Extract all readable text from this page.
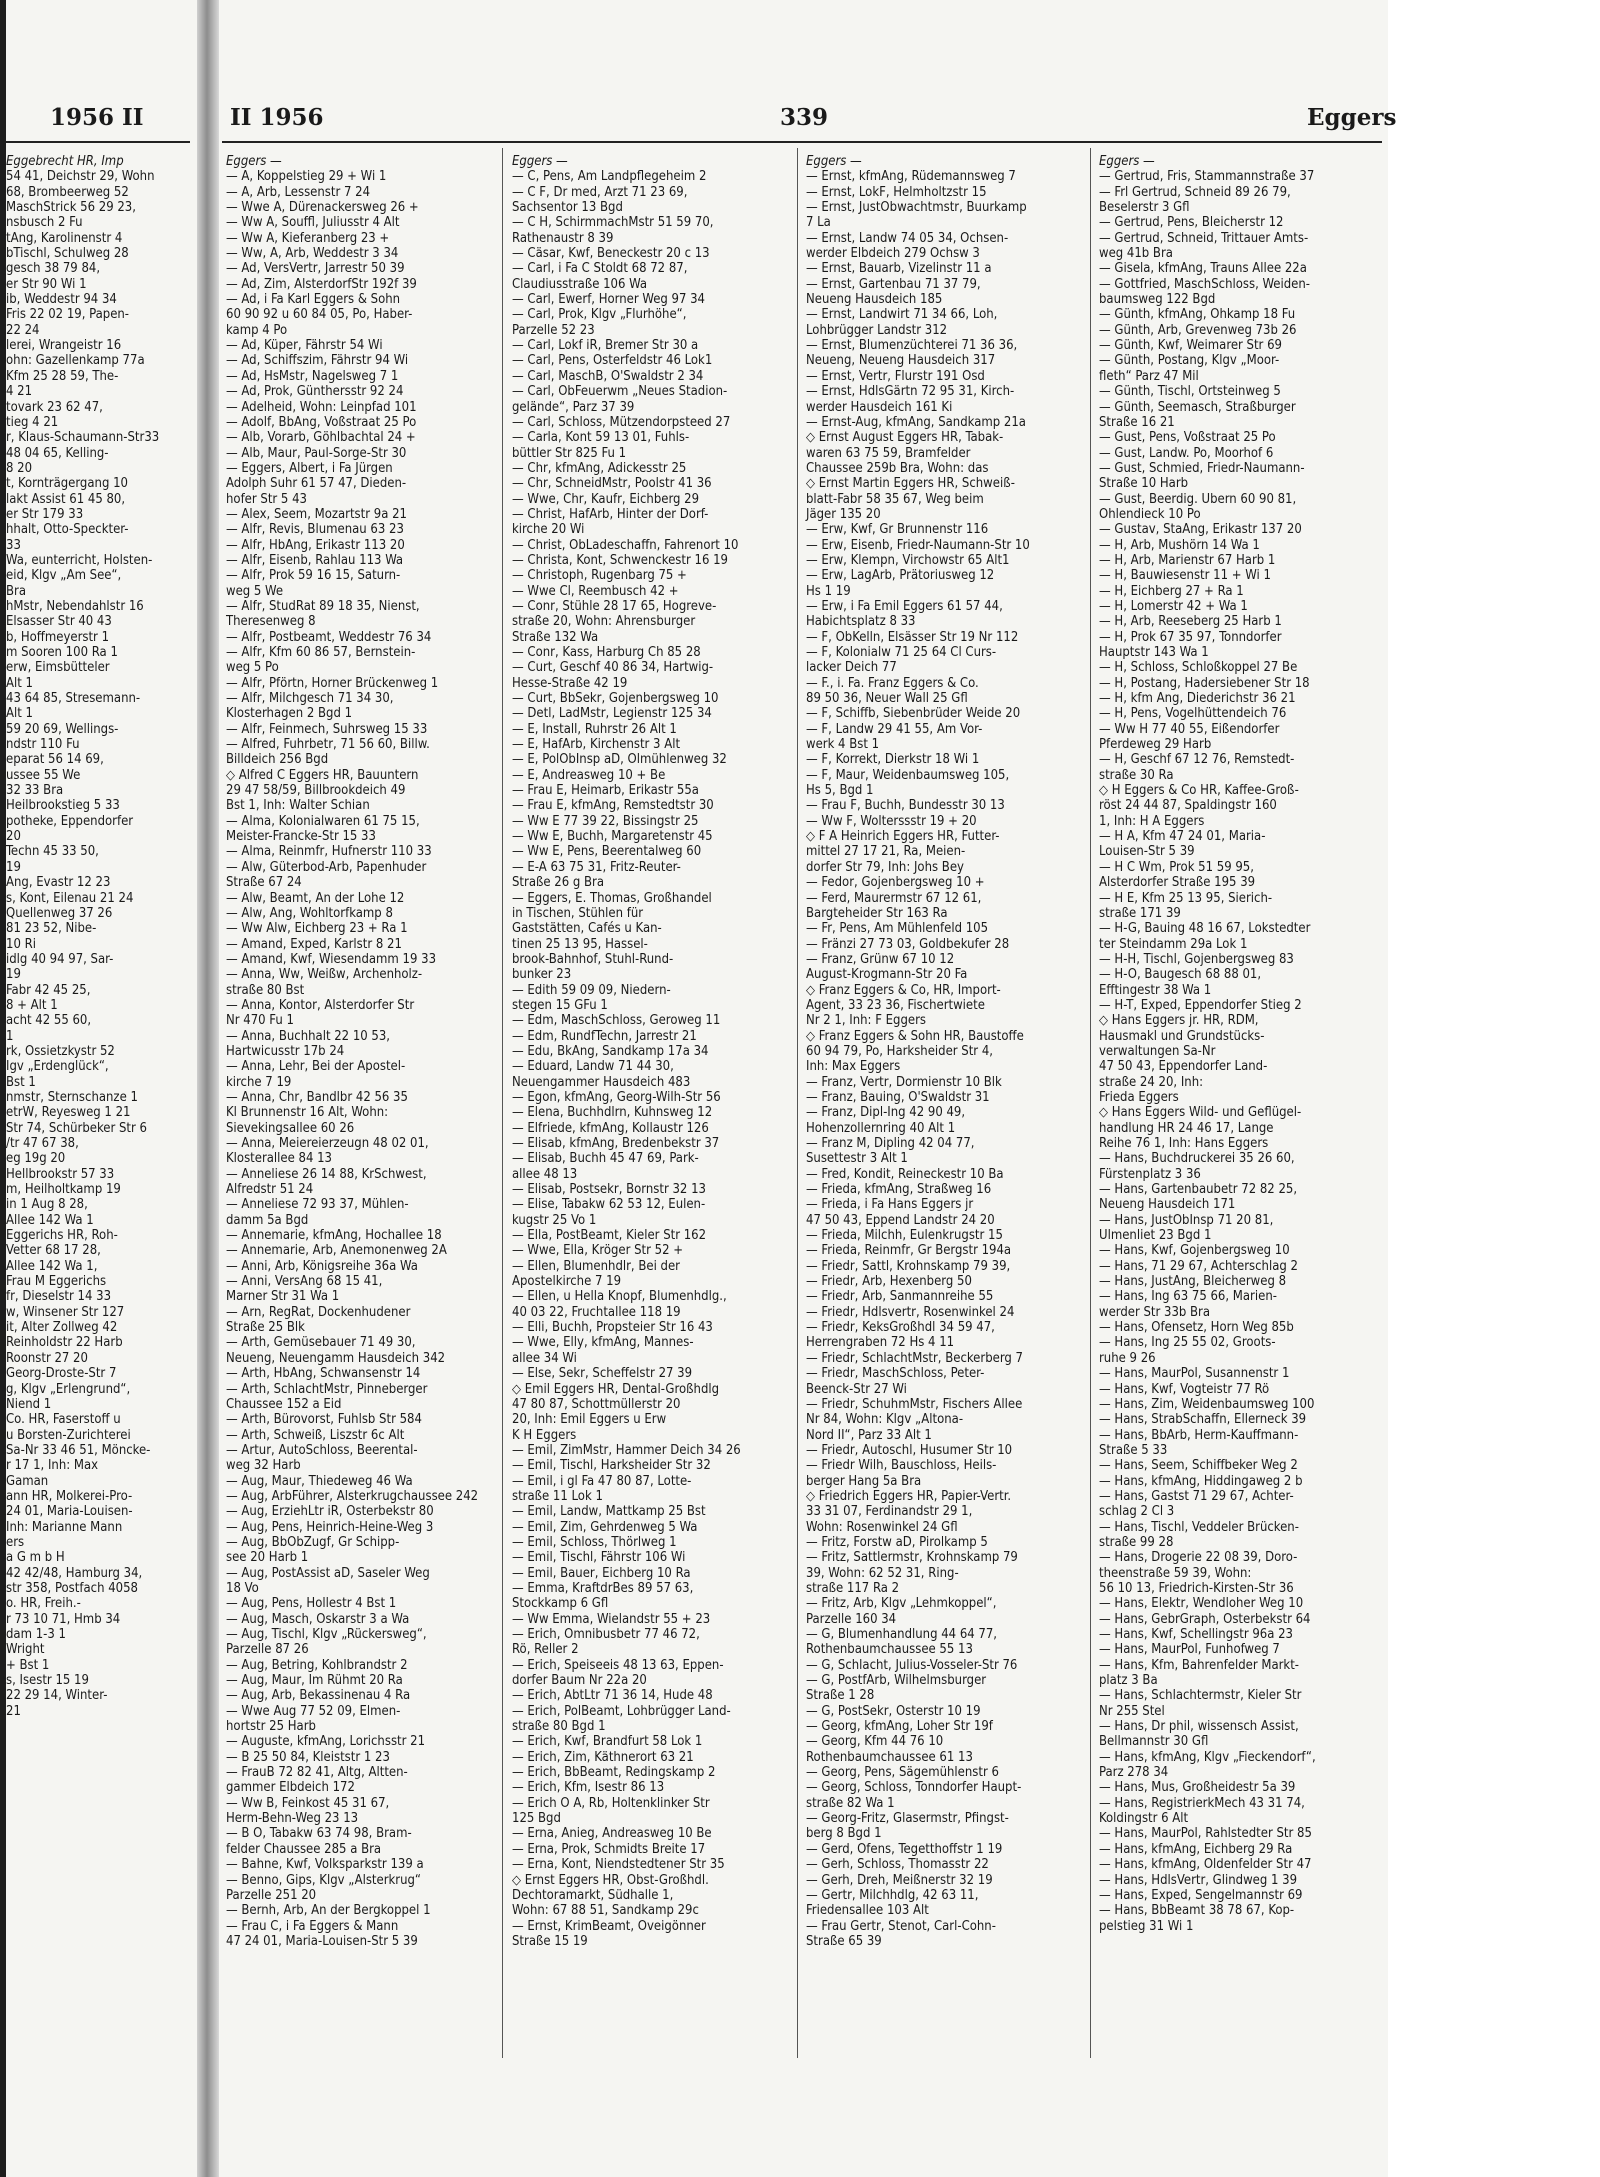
1956 II

Eggebrecht HR, Imp

54 41, Deichstr 29, Wohn

68, Brombeerweg 52

MaschStrick 56 29 23,

nsbusch 2 Fu

tAng, Karolinenstr 4

bTischl, Schulweg 28

gesch 38 79 84,

er Str 90 Wi 1

ib, Weddestr 94 34

Fris 22 02 19, Papen-

22 24

lerei, Wrangeistr 16

ohn: Gazellenkamp 77a

Kfm 25 28 59, The-

4 21

tovark 23 62 47,

tieg 4 21

r, Klaus-Schaumann-Str33

48 04 65, Kelling-

8 20

t, Kornträgergang 10

lakt Assist 61 45 80,

er Str 179 33

hhalt, Otto-Speckter-

33

Wa, eunterricht, Holsten-

eid, Klgv „Am See“,

Bra

hMstr, Nebendahlstr 16

Elsasser Str 40 43

b, Hoffmeyerstr 1

m Sooren 100 Ra 1

erw, Eimsbütteler

Alt 1

43 64 85, Stresemann-

Alt 1

59 20 69, Wellings-

ndstr 110 Fu

eparat 56 14 69,

ussee 55 We

32 33 Bra

Heilbrookstieg 5 33

potheke, Eppendorfer

20

Techn 45 33 50,

19

Ang, Evastr 12 23

s, Kont, Eilenau 21 24

Quellenweg 37 26

81 23 52, Nibe-

10 Ri

idlg 40 94 97, Sar-

19

Fabr 42 45 25,

8 + Alt 1

acht 42 55 60,

1

rk, Ossietzkystr 52

Igv „Erdenglück“,

Bst 1

nmstr, Sternschanze 1

etrW, Reyesweg 1 21

Str 74, Schürbeker Str 6

/tr 47 67 38,

eg 19g 20

Hellbrookstr 57 33

m, Heilholtkamp 19

in 1 Aug 8 28,

Allee 142 Wa 1

Eggerichs HR, Roh-

Vetter 68 17 28,

Allee 142 Wa 1,

Frau M Eggerichs

fr, Dieselstr 14 33

w, Winsener Str 127

it, Alter Zollweg 42

Reinholdstr 22 Harb

Roonstr 27 20

Georg-Droste-Str 7

g, Klgv „Erlengrund“,

Niend 1

Co. HR, Faserstoff u

u Borsten-Zurichterei

Sa-Nr 33 46 51, Möncke-

r 17 1, Inh: Max

Gaman

ann HR, Molkerei-Pro-

24 01, Maria-Louisen-

Inh: Marianne Mann

ers

a G m b H

42 42/48, Hamburg 34,

str 358, Postfach 4058

o. HR, Freih.-

r 73 10 71, Hmb 34

dam 1-3 1

Wright

+ Bst 1

s, Isestr 15 19

22 29 14, Winter-

21

II 1956	339	Eggers

Eggers —

— A, Koppelstieg 29 + Wi 1

— A, Arb, Lessenstr 7 24

— Wwe A, Dürenackersweg 26 +

— Ww A, Souffl, Juliusstr 4 Alt

— Ww A, Kieferanberg 23 +

— Ww, A, Arb, Weddestr 3 34

— Ad, VersVertr, Jarrestr 50 39

— Ad, Zim, AlsterdorfStr 192f 39

— Ad, i Fa Karl Eggers & Sohn

60 90 92 u 60 84 05, Po, Haber-

kamp 4 Po

— Ad, Küper, Fährstr 54 Wi

— Ad, Schiffszim, Fährstr 94 Wi

— Ad, HsMstr, Nagelsweg 7 1

— Ad, Prok, Günthersstr 92 24

— Adelheid, Wohn: Leinpfad 101

— Adolf, BbAng, Voßstraat 25 Po

— Alb, Vorarb, Göhlbachtal 24 +

— Alb, Maur, Paul-Sorge-Str 30

— Eggers, Albert, i Fa Jürgen

Adolph Suhr 61 57 47, Dieden-

hofer Str 5 43

— Alex, Seem, Mozartstr 9a 21

— Alfr, Revis, Blumenau 63 23

— Alfr, HbAng, Erikastr 113 20

— Alfr, Eisenb, Rahlau 113 Wa

— Alfr, Prok 59 16 15, Saturn-

weg 5 We

— Alfr, StudRat 89 18 35, Nienst,

Theresenweg 8

— Alfr, Postbeamt, Weddestr 76 34

— Alfr, Kfm 60 86 57, Bernstein-

weg 5 Po

— Alfr, Pförtn, Horner Brückenweg 1

— Alfr, Milchgesch 71 34 30,

Klosterhagen 2 Bgd 1

— Alfr, Feinmech, Suhrsweg 15 33

— Alfred, Fuhrbetr, 71 56 60, Billw.

Billdeich 256 Bgd

◇ Alfred C Eggers HR, Bauuntern

29 47 58/59, Billbrookdeich 49

Bst 1, Inh: Walter Schian

— Alma, Kolonialwaren 61 75 15,

Meister-Francke-Str 15 33

— Alma, Reinmfr, Hufnerstr 110 33

— Alw, Güterbod-Arb, Papenhuder

Straße 67 24

— Alw, Beamt, An der Lohe 12

— Alw, Ang, Wohltorfkamp 8

— Ww Alw, Eichberg 23 + Ra 1

— Amand, Exped, Karlstr 8 21

— Amand, Kwf, Wiesendamm 19 33

— Anna, Ww, Weißw, Archenholz-

straße 80 Bst

— Anna, Kontor, Alsterdorfer Str

Nr 470 Fu 1

— Anna, Buchhalt 22 10 53,

Hartwicusstr 17b 24

— Anna, Lehr, Bei der Apostel-

kirche 7 19

— Anna, Chr, Bandlbr 42 56 35

Kl Brunnenstr 16 Alt, Wohn:

Sievekingsallee 60 26

— Anna, Meiereierzeugn 48 02 01,

Klosterallee 84 13

— Anneliese 26 14 88, KrSchwest,

Alfredstr 51 24

— Anneliese 72 93 37, Mühlen-

damm 5a Bgd

— Annemarie, kfmAng, Hochallee 18

— Annemarie, Arb, Anemonenweg 2A

— Anni, Arb, Königsreihe 36a Wa

— Anni, VersAng 68 15 41,

Marner Str 31 Wa 1

— Arn, RegRat, Dockenhudener

Straße 25 Blk

— Arth, Gemüsebauer 71 49 30,

Neueng, Neuengamm Hausdeich 342

— Arth, HbAng, Schwansenstr 14

— Arth, SchlachtMstr, Pinneberger

Chaussee 152 a Eid

— Arth, Bürovorst, Fuhlsb Str 584

— Arth, Schweiß, Liszstr 6c Alt

— Artur, AutoSchloss, Beerental-

weg 32 Harb

— Aug, Maur, Thiedeweg 46 Wa

— Aug, ArbFührer, Alsterkrugchaussee 242

— Aug, ErziehLtr iR, Osterbekstr 80

— Aug, Pens, Heinrich-Heine-Weg 3

— Aug, BbObZugf, Gr Schipp-

see 20 Harb 1

— Aug, PostAssist aD, Saseler Weg

18 Vo

— Aug, Pens, Hollestr 4 Bst 1

— Aug, Masch, Oskarstr 3 a Wa

— Aug, Tischl, Klgv „Rückersweg“,

Parzelle 87 26

— Aug, Betring, Kohlbrandstr 2

— Aug, Maur, Im Rühmt 20 Ra

— Aug, Arb, Bekassinenau 4 Ra

— Wwe Aug 77 52 09, Elmen-

hortstr 25 Harb

— Auguste, kfmAng, Lorichsstr 21

— B 25 50 84, Kleiststr 1 23

— FrauB 72 82 41, Altg, Altten-

gammer Elbdeich 172

— Ww B, Feinkost 45 31 67,

Herm-Behn-Weg 23 13

— B O, Tabakw 63 74 98, Bram-

felder Chaussee 285 a Bra

— Bahne, Kwf, Volksparkstr 139 a

— Benno, Gips, Klgv „Alsterkrug“

Parzelle 251 20

— Bernh, Arb, An der Bergkoppel 1

— Frau C, i Fa Eggers & Mann

47 24 01, Maria-Louisen-Str 5 39

Eggers —

— C, Pens, Am Landpflegeheim 2

— C F, Dr med, Arzt 71 23 69,

Sachsentor 13 Bgd

— C H, SchirmmachMstr 51 59 70,

Rathenaustr 8 39

— Cäsar, Kwf, Beneckestr 20 c 13

— Carl, i Fa C Stoldt 68 72 87,

Claudiusstraße 106 Wa

— Carl, Ewerf, Horner Weg 97 34

— Carl, Prok, Klgv „Flurhöhe“,

Parzelle 52 23

— Carl, Lokf iR, Bremer Str 30 a

— Carl, Pens, Osterfeldstr 46 Lok1

— Carl, MaschB, O'Swaldstr 2 34

— Carl, ObFeuerwm „Neues Stadion-

gelände“, Parz 37 39

— Carl, Schloss, Mützendorpsteed 27

— Carla, Kont 59 13 01, Fuhls-

büttler Str 825 Fu 1

— Chr, kfmAng, Adickesstr 25

— Chr, SchneidMstr, Poolstr 41 36

— Wwe, Chr, Kaufr, Eichberg 29

— Christ, HafArb, Hinter der Dorf-

kirche 20 Wi

— Christ, ObLadeschaffn, Fahrenort 10

— Christa, Kont, Schwenckestr 16 19

— Christoph, Rugenbarg 75 +

— Wwe Cl, Reembusch 42 +

— Conr, Stühle 28 17 65, Hogreve-

straße 20, Wohn: Ahrensburger

Straße 132 Wa

— Conr, Kass, Harburg Ch 85 28

— Curt, Geschf 40 86 34, Hartwig-

Hesse-Straße 42 19

— Curt, BbSekr, Gojenbergsweg 10

— Detl, LadMstr, Legienstr 125 34

— E, Install, Ruhrstr 26 Alt 1

— E, HafArb, Kirchenstr 3 Alt

— E, PolObInsp aD, Olmühlenweg 32

— E, Andreasweg 10 + Be

— Frau E, Heimarb, Erikastr 55a

— Frau E, kfmAng, Remstedtstr 30

— Ww E 77 39 22, Bissingstr 25

— Ww E, Buchh, Margaretenstr 45

— Ww E, Pens, Beerentalweg 60

— E-A 63 75 31, Fritz-Reuter-

Straße 26 g Bra

— Eggers, E. Thomas, Großhandel

in Tischen, Stühlen für

Gaststätten, Cafés u Kan-

tinen 25 13 95, Hassel-

brook-Bahnhof, Stuhl-Rund-

bunker 23

— Edith 59 09 09, Niedern-

stegen 15 GFu 1

— Edm, MaschSchloss, Geroweg 11

— Edm, RundfTechn, Jarrestr 21

— Edu, BkAng, Sandkamp 17a 34

— Eduard, Landw 71 44 30,

Neuengammer Hausdeich 483

— Egon, kfmAng, Georg-Wilh-Str 56

— Elena, Buchhdlrn, Kuhnsweg 12

— Elfriede, kfmAng, Kollaustr 126

— Elisab, kfmAng, Bredenbekstr 37

— Elisab, Buchh 45 47 69, Park-

allee 48 13

— Elisab, Postsekr, Bornstr 32 13

— Elise, Tabakw 62 53 12, Eulen-

kugstr 25 Vo 1

— Ella, PostBeamt, Kieler Str 162

— Wwe, Ella, Kröger Str 52 +

— Ellen, Blumenhdlr, Bei der

Apostelkirche 7 19

— Ellen, u Hella Knopf, Blumenhdlg.,

40 03 22, Fruchtallee 118 19

— Elli, Buchh, Propsteier Str 16 43

— Wwe, Elly, kfmAng, Mannes-

allee 34 Wi

— Else, Sekr, Scheffelstr 27 39

◇ Emil Eggers HR, Dental-Großhdlg

47 80 87, Schottmüllerstr 20

20, Inh: Emil Eggers u Erw

K H Eggers

— Emil, ZimMstr, Hammer Deich 34 26

— Emil, Tischl, Harksheider Str 32

— Emil, i gl Fa 47 80 87, Lotte-

straße 11 Lok 1

— Emil, Landw, Mattkamp 25 Bst

— Emil, Zim, Gehrdenweg 5 Wa

— Emil, Schloss, Thörlweg 1

— Emil, Tischl, Fährstr 106 Wi

— Emil, Bauer, Eichberg 10 Ra

— Emma, KraftdrBes 89 57 63,

Stockkamp 6 Gfl

— Ww Emma, Wielandstr 55 + 23

— Erich, Omnibusbetr 77 46 72,

Rö, Reller 2

— Erich, Speiseeis 48 13 63, Eppen-

dorfer Baum Nr 22a 20

— Erich, AbtLtr 71 36 14, Hude 48

— Erich, PolBeamt, Lohbrügger Land-

straße 80 Bgd 1

— Erich, Kwf, Brandfurt 58 Lok 1

— Erich, Zim, Käthnerort 63 21

— Erich, BbBeamt, Redingskamp 2

— Erich, Kfm, Isestr 86 13

— Erich O A, Rb, Holtenklinker Str

125 Bgd

— Erna, Anieg, Andreasweg 10 Be

— Erna, Prok, Schmidts Breite 17

— Erna, Kont, Niendstedtener Str 35

◇ Ernst Eggers HR, Obst-Großhdl.

Dechtoramarkt, Südhalle 1,

Wohn: 67 88 51, Sandkamp 29c

— Ernst, KrimBeamt, Oveigönner

Straße 15 19

Eggers —

— Ernst, kfmAng, Rüdemannsweg 7

— Ernst, LokF, Helmholtzstr 15

— Ernst, JustObwachtmstr, Buurkamp

7 La

— Ernst, Landw 74 05 34, Ochsen-

werder Elbdeich 279 Ochsw 3

— Ernst, Bauarb, Vizelinstr 11 a

— Ernst, Gartenbau 71 37 79,

Neueng Hausdeich 185

— Ernst, Landwirt 71 34 66, Loh,

Lohbrügger Landstr 312

— Ernst, Blumenzüchterei 71 36 36,

Neueng, Neueng Hausdeich 317

— Ernst, Vertr, Flurstr 191 Osd

— Ernst, HdlsGärtn 72 95 31, Kirch-

werder Hausdeich 161 Ki

— Ernst-Aug, kfmAng, Sandkamp 21a

◇ Ernst August Eggers HR, Tabak-

waren 63 75 59, Bramfelder

Chaussee 259b Bra, Wohn: das

◇ Ernst Martin Eggers HR, Schweiß-

blatt-Fabr 58 35 67, Weg beim

Jäger 135 20

— Erw, Kwf, Gr Brunnenstr 116

— Erw, Eisenb, Friedr-Naumann-Str 10

— Erw, Klempn, Virchowstr 65 Alt1

— Erw, LagArb, Prätoriusweg 12

Hs 1 19

— Erw, i Fa Emil Eggers 61 57 44,

Habichtsplatz 8 33

— F, ObKelln, Elsässer Str 19 Nr 112

— F, Kolonialw 71 25 64 Cl Curs-

lacker Deich 77

— F., i. Fa. Franz Eggers & Co.

89 50 36, Neuer Wall 25 Gfl

— F, Schiffb, Siebenbrüder Weide 20

— F, Landw 29 41 55, Am Vor-

werk 4 Bst 1

— F, Korrekt, Dierkstr 18 Wi 1

— F, Maur, Weidenbaumsweg 105,

Hs 5, Bgd 1

— Frau F, Buchh, Bundesstr 30 13

— Ww F, Wolterssstr 19 + 20

◇ F A Heinrich Eggers HR, Futter-

mittel 27 17 21, Ra, Meien-

dorfer Str 79, Inh: Johs Bey

— Fedor, Gojenbergsweg 10 +

— Ferd, Maurermstr 67 12 61,

Bargteheider Str 163 Ra

— Fr, Pens, Am Mühlenfeld 105

— Fränzi 27 73 03, Goldbekufer 28

— Franz, Grünw 67 10 12

August-Krogmann-Str 20 Fa

◇ Franz Eggers & Co, HR, Import-

Agent, 33 23 36, Fischertwiete

Nr 2 1, Inh: F Eggers

◇ Franz Eggers & Sohn HR, Baustoffe

60 94 79, Po, Harksheider Str 4,

Inh: Max Eggers

— Franz, Vertr, Dormienstr 10 Blk

— Franz, Bauing, O'Swaldstr 31

— Franz, Dipl-Ing 42 90 49,

Hohenzollernring 40 Alt 1

— Franz M, Dipling 42 04 77,

Susettestr 3 Alt 1

— Fred, Kondit, Reineckestr 10 Ba

— Frieda, kfmAng, Straßweg 16

— Frieda, i Fa Hans Eggers jr

47 50 43, Eppend Landstr 24 20

— Frieda, Milchh, Eulenkrugstr 15

— Frieda, Reinmfr, Gr Bergstr 194a

— Friedr, Sattl, Krohnskamp 79 39,

— Friedr, Arb, Hexenberg 50

— Friedr, Arb, Sanmannreihe 55

— Friedr, Hdlsvertr, Rosenwinkel 24

— Friedr, KeksGroßhdl 34 59 47,

Herrengraben 72 Hs 4 11

— Friedr, SchlachtMstr, Beckerberg 7

— Friedr, MaschSchloss, Peter-

Beenck-Str 27 Wi

— Friedr, SchuhmMstr, Fischers Allee

Nr 84, Wohn: Klgv „Altona-

Nord II“, Parz 33 Alt 1

— Friedr, Autoschl, Husumer Str 10

— Friedr Wilh, Bauschloss, Heils-

berger Hang 5a Bra

◇ Friedrich Eggers HR, Papier-Vertr.

33 31 07, Ferdinandstr 29 1,

Wohn: Rosenwinkel 24 Gfl

— Fritz, Forstw aD, Pirolkamp 5

— Fritz, Sattlermstr, Krohnskamp 79

39, Wohn: 62 52 31, Ring-

straße 117 Ra 2

— Fritz, Arb, Klgv „Lehmkoppel“,

Parzelle 160 34

— G, Blumenhandlung 44 64 77,

Rothenbaumchaussee 55 13

— G, Schlacht, Julius-Vosseler-Str 76

— G, PostfArb, Wilhelmsburger

Straße 1 28

— G, PostSekr, Osterstr 10 19

— Georg, kfmAng, Loher Str 19f

— Georg, Kfm 44 76 10

Rothenbaumchaussee 61 13

— Georg, Pens, Sägemühlenstr 6

— Georg, Schloss, Tonndorfer Haupt-

straße 82 Wa 1

— Georg-Fritz, Glasermstr, Pfingst-

berg 8 Bgd 1

— Gerd, Ofens, Tegetthoffstr 1 19

— Gerh, Schloss, Thomasstr 22

— Gerh, Dreh, Meißnerstr 32 19

— Gertr, Milchhdlg, 42 63 11,

Friedensallee 103 Alt

— Frau Gertr, Stenot, Carl-Cohn-

Straße 65 39

Eggers —

— Gertrud, Fris, Stammannstraße 37

— Frl Gertrud, Schneid 89 26 79,

Beselerstr 3 Gfl

— Gertrud, Pens, Bleicherstr 12

— Gertrud, Schneid, Trittauer Amts-

weg 41b Bra

— Gisela, kfmAng, Trauns Allee 22a

— Gottfried, MaschSchloss, Weiden-

baumsweg 122 Bgd

— Günth, kfmAng, Ohkamp 18 Fu

— Günth, Arb, Grevenweg 73b 26

— Günth, Kwf, Weimarer Str 69

— Günth, Postang, Klgv „Moor-

fleth“ Parz 47 Mil

— Günth, Tischl, Ortsteinweg 5

— Günth, Seemasch, Straßburger

Straße 16 21

— Gust, Pens, Voßstraat 25 Po

— Gust, Landw. Po, Moorhof 6

— Gust, Schmied, Friedr-Naumann-

Straße 10 Harb

— Gust, Beerdig. Ubern 60 90 81,

Ohlendieck 10 Po

— Gustav, StaAng, Erikastr 137 20

— H, Arb, Mushörn 14 Wa 1

— H, Arb, Marienstr 67 Harb 1

— H, Bauwiesenstr 11 + Wi 1

— H, Eichberg 27 + Ra 1

— H, Lomerstr 42 + Wa 1

— H, Arb, Reeseberg 25 Harb 1

— H, Prok 67 35 97, Tonndorfer

Hauptstr 143 Wa 1

— H, Schloss, Schloßkoppel 27 Be

— H, Postang, Hadersiebener Str 18

— H, kfm Ang, Diederichstr 36 21

— H, Pens, Vogelhüttendeich 76

— Ww H 77 40 55, Eißendorfer

Pferdeweg 29 Harb

— H, Geschf 67 12 76, Remstedt-

straße 30 Ra

◇ H Eggers & Co HR, Kaffee-Groß-

röst 24 44 87, Spaldingstr 160

1, Inh: H A Eggers

— H A, Kfm 47 24 01, Maria-

Louisen-Str 5 39

— H C Wm, Prok 51 59 95,

Alsterdorfer Straße 195 39

— H E, Kfm 25 13 95, Sierich-

straße 171 39

— H-G, Bauing 48 16 67, Lokstedter

ter Steindamm 29a Lok 1

— H-H, Tischl, Gojenbergsweg 83

— H-O, Baugesch 68 88 01,

Efftingestr 38 Wa 1

— H-T, Exped, Eppendorfer Stieg 2

◇ Hans Eggers jr. HR, RDM,

Hausmakl und Grundstücks-

verwaltungen Sa-Nr

47 50 43, Eppendorfer Land-

straße 24 20, Inh:

Frieda Eggers

◇ Hans Eggers Wild- und Geflügel-

handlung HR 24 46 17, Lange

Reihe 76 1, Inh: Hans Eggers

— Hans, Buchdruckerei 35 26 60,

Fürstenplatz 3 36

— Hans, Gartenbaubetr 72 82 25,

Neueng Hausdeich 171

— Hans, JustObInsp 71 20 81,

Ulmenliet 23 Bgd 1

— Hans, Kwf, Gojenbergsweg 10

— Hans, 71 29 67, Achterschlag 2

— Hans, JustAng, Bleicherweg 8

— Hans, Ing 63 75 66, Marien-

werder Str 33b Bra

— Hans, Ofensetz, Horn Weg 85b

— Hans, Ing 25 55 02, Groots-

ruhe 9 26

— Hans, MaurPol, Susannenstr 1

— Hans, Kwf, Vogteistr 77 Rö

— Hans, Zim, Weidenbaumsweg 100

— Hans, StrabSchaffn, Ellerneck 39

— Hans, BbArb, Herm-Kauffmann-

Straße 5 33

— Hans, Seem, Schiffbeker Weg 2

— Hans, kfmAng, Hiddingaweg 2 b

— Hans, Gastst 71 29 67, Achter-

schlag 2 Cl 3

— Hans, Tischl, Veddeler Brücken-

straße 99 28

— Hans, Drogerie 22 08 39, Doro-

theenstraße 59 39, Wohn:

56 10 13, Friedrich-Kirsten-Str 36

— Hans, Elektr, Wendloher Weg 10

— Hans, GebrGraph, Osterbekstr 64

— Hans, Kwf, Schellingstr 96a 23

— Hans, MaurPol, Funhofweg 7

— Hans, Kfm, Bahrenfelder Markt-

platz 3 Ba

— Hans, Schlachtermstr, Kieler Str

Nr 255 Stel

— Hans, Dr phil, wissensch Assist,

Bellmannstr 30 Gfl

— Hans, kfmAng, Klgv „Fieckendorf“,

Parz 278 34

— Hans, Mus, Großheidestr 5a 39

— Hans, RegistrierkMech 43 31 74,

Koldingstr 6 Alt

— Hans, MaurPol, Rahlstedter Str 85

— Hans, kfmAng, Eichberg 29 Ra

— Hans, kfmAng, Oldenfelder Str 47

— Hans, HdlsVertr, Glindweg 1 39

— Hans, Exped, Sengelmannstr 69

— Hans, BbBeamt 38 78 67, Kop-

pelstieg 31 Wi 1
